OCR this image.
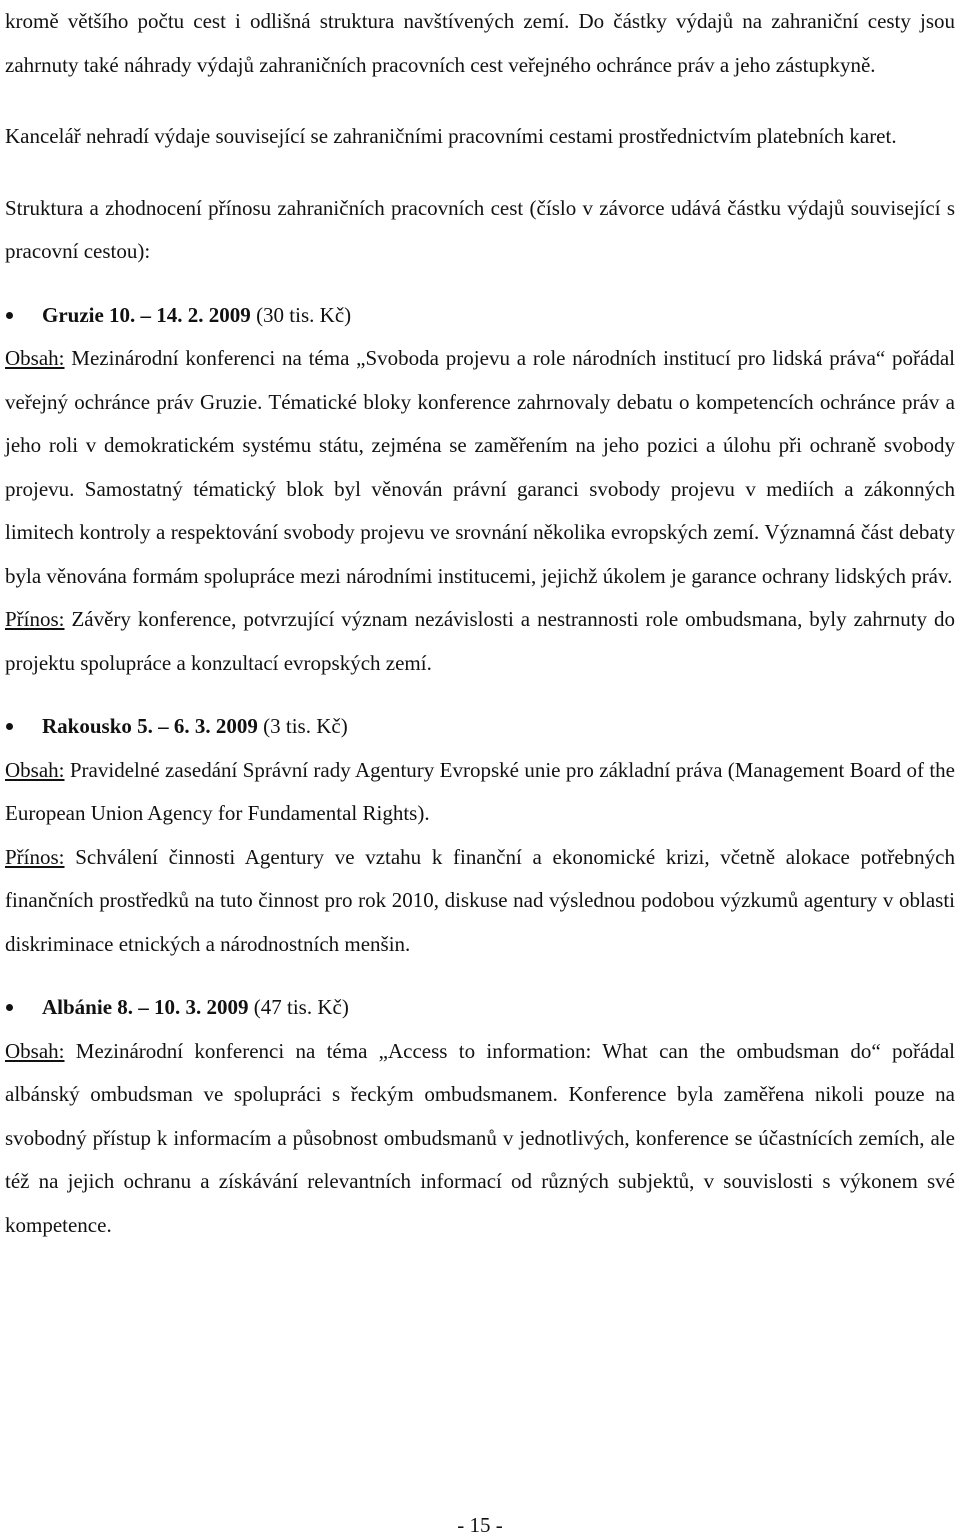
kromě většího počtu cest i odlišná struktura navštívených zemí. Do částky výdajů na zahraniční cesty jsou zahrnuty také náhrady výdajů zahraničních pracovních cest veřejného ochránce práv a jeho zástupkyně.

Kancelář nehradí výdaje související se zahraničními pracovními cestami prostřednictvím platebních karet.

Struktura a zhodnocení přínosu zahraničních pracovních cest (číslo v závorce udává částku výdajů související s pracovní cestou):

Gruzie 10. – 14. 2. 2009 (30 tis. Kč)

Obsah: Mezinárodní konferenci na téma „Svoboda projevu a role národních institucí pro lidská práva“ pořádal veřejný ochránce práv Gruzie. Tématické bloky konference zahrnovaly debatu o kompetencích ochránce práv a jeho roli v demokratickém systému státu, zejména se zaměřením na jeho pozici a úlohu při ochraně svobody projevu. Samostatný tématický blok byl věnován právní garanci svobody projevu v mediích a zákonných limitech kontroly a respektování svobody projevu ve srovnání několika evropských zemí. Významná část debaty byla věnována formám spolupráce mezi národními institucemi, jejichž úkolem je garance ochrany lidských práv.

Přínos: Závěry konference, potvrzující význam nezávislosti a nestrannosti role ombudsmana, byly zahrnuty do projektu spolupráce a konzultací evropských zemí.

Rakousko 5. – 6. 3. 2009 (3 tis. Kč)

Obsah: Pravidelné zasedání Správní rady Agentury Evropské unie pro základní práva (Management Board of the European Union Agency for Fundamental Rights).

Přínos: Schválení činnosti Agentury ve vztahu k finanční a ekonomické krizi, včetně alokace potřebných finančních prostředků na tuto činnost pro rok 2010, diskuse nad výslednou podobou výzkumů agentury v oblasti diskriminace etnických a národnostních menšin.

Albánie 8. – 10. 3. 2009 (47 tis. Kč)

Obsah: Mezinárodní konferenci na téma „Access to information: What can the ombudsman do“ pořádal albánský ombudsman ve spolupráci s řeckým ombudsmanem. Konference byla zaměřena nikoli pouze na svobodný přístup k informacím a působnost ombudsmanů v jednotlivých, konference se účastnících zemích, ale též na jejich ochranu a získávání relevantních informací od různých subjektů, v souvislosti s výkonem své kompetence.

- 15 -
